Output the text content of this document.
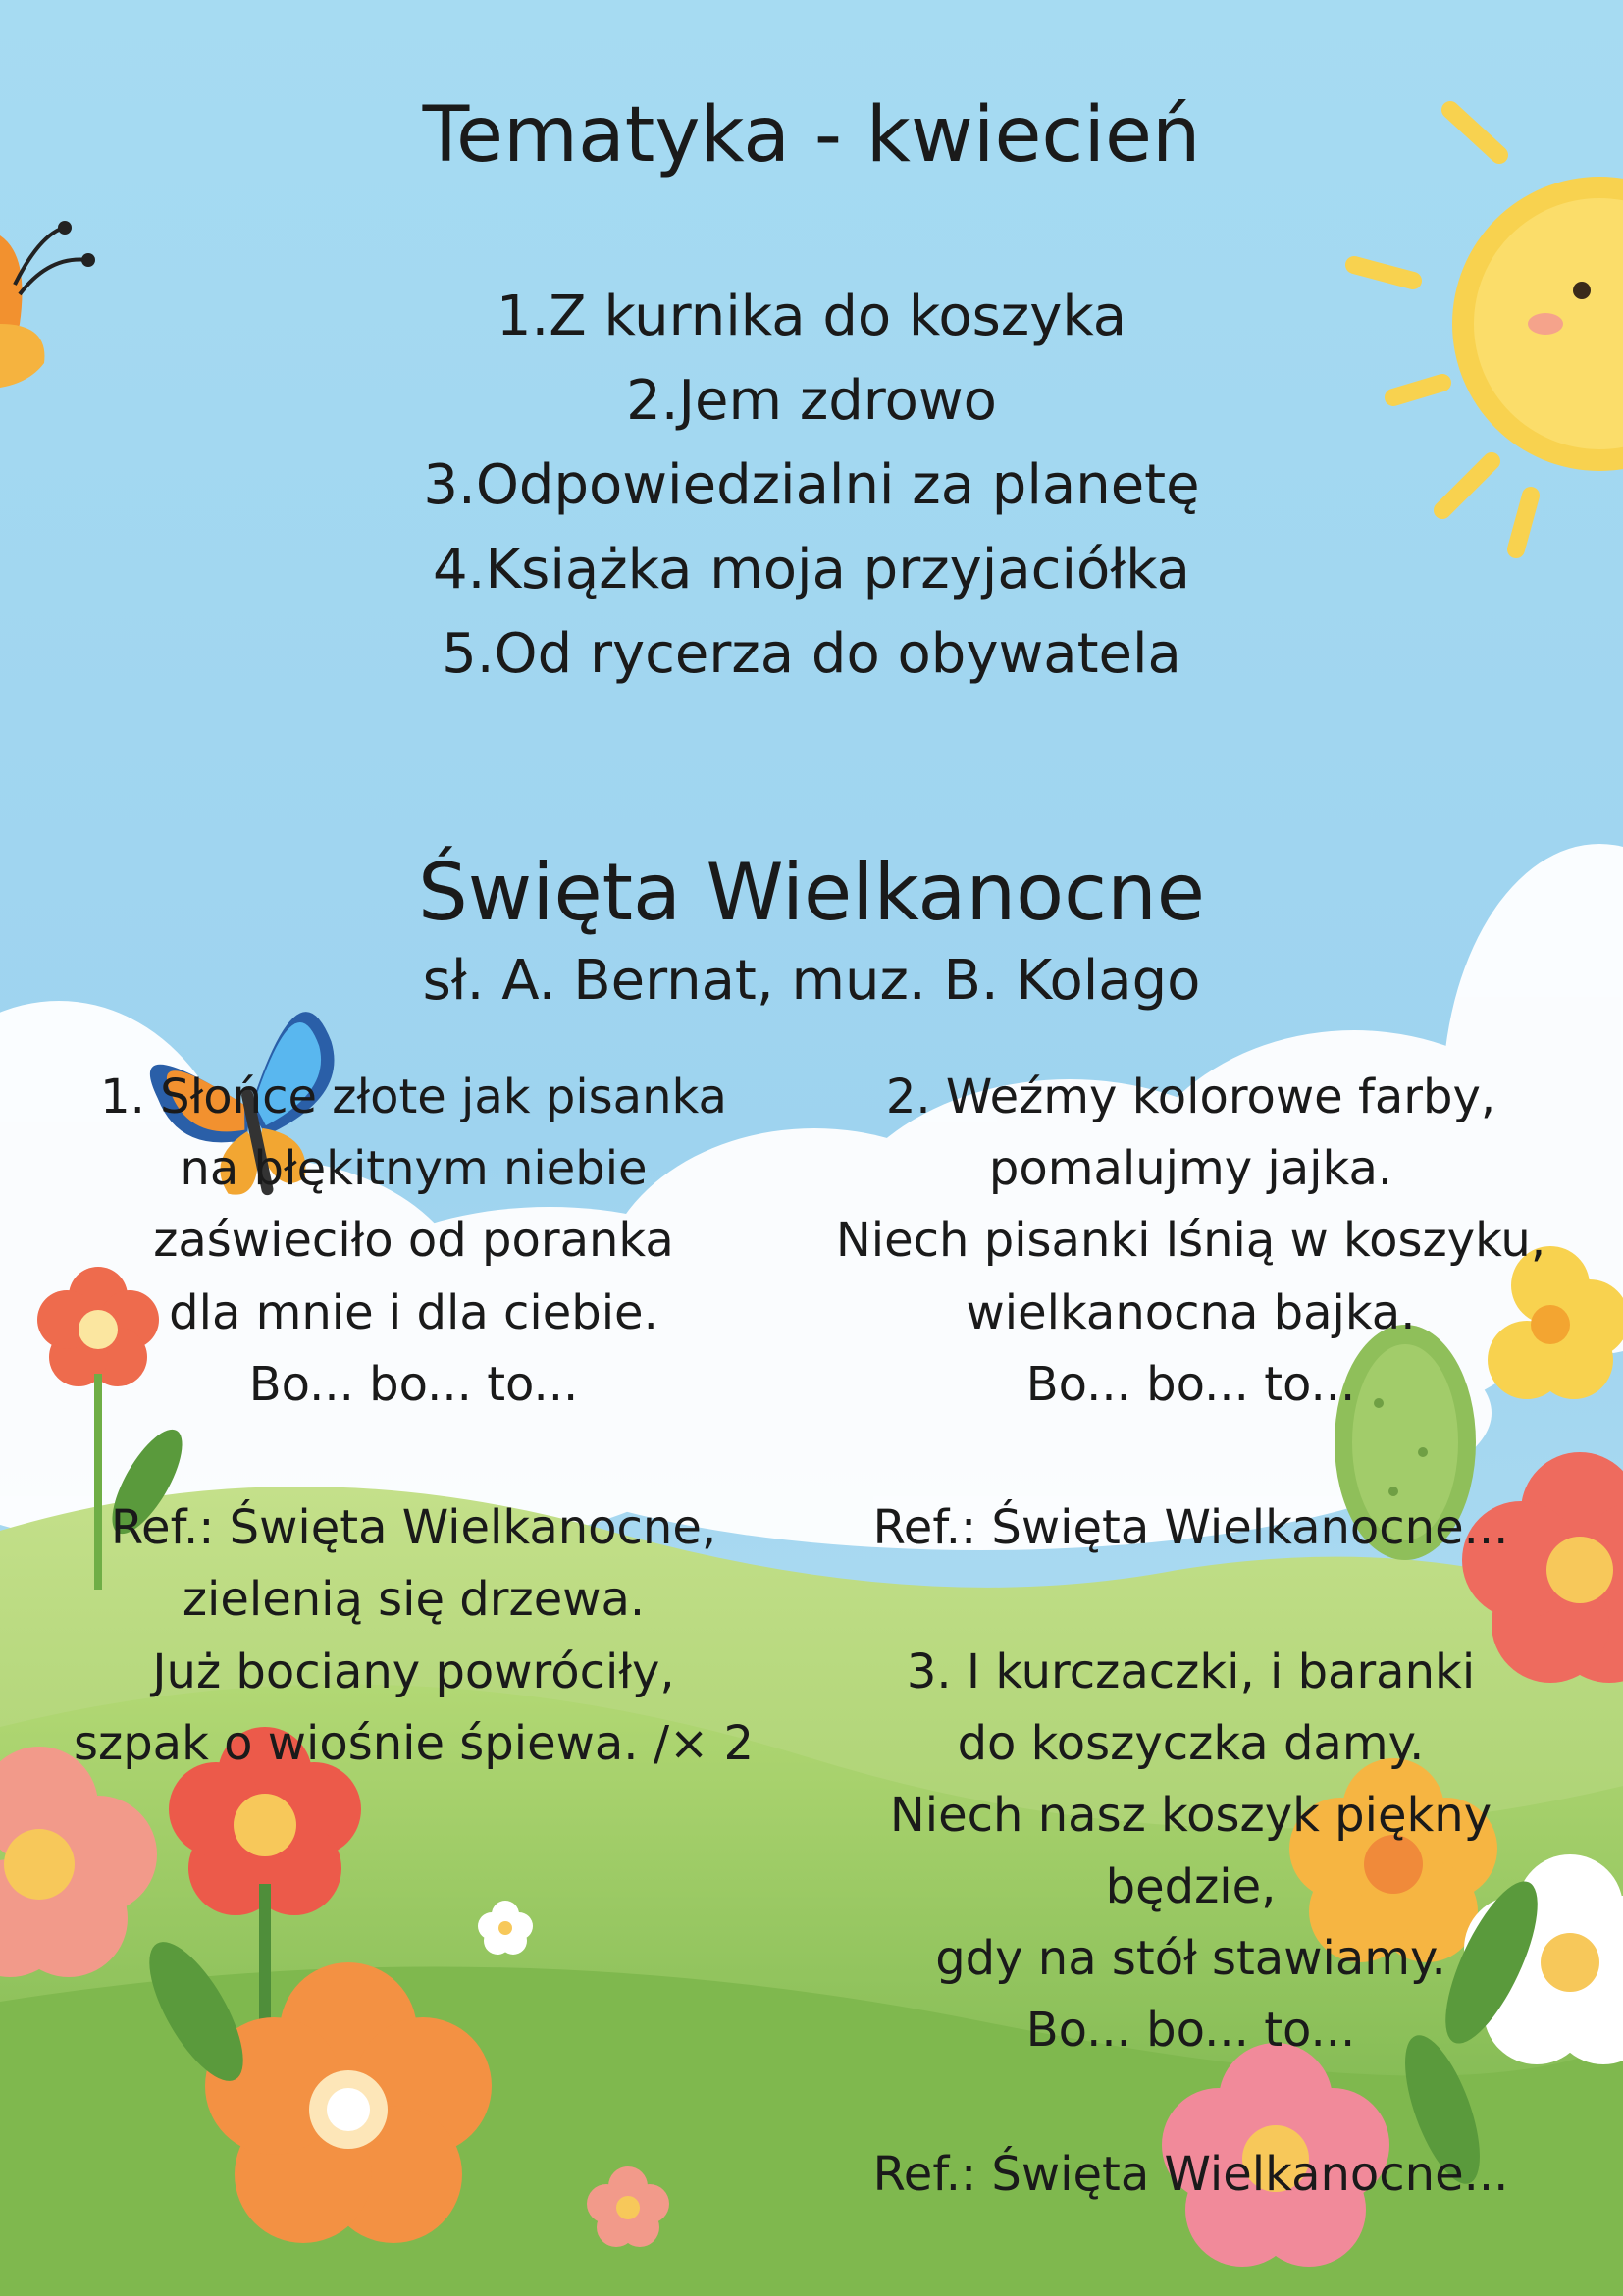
Tematyka - kwiecień
1.Z kurnika do koszyka
2.Jem zdrowo
3.Odpowiedzialni za planetę
4.Książka moja przyjaciółka
5.Od rycerza do obywatela
Święta Wielkanocne
sł. A. Bernat, muz. B. Kolago
1. Słońce złote jak pisanka
na błękitnym niebie
zaświeciło od poranka
dla mnie i dla ciebie.
Bo... bo... to...
Ref.: Święta Wielkanocne,
zielenią się drzewa.
Już bociany powróciły,
szpak o wiośnie śpiewa. /× 2
2. Weźmy kolorowe farby,
pomalujmy jajka.
Niech pisanki lśnią w koszyku,
wielkanocna bajka.
Bo... bo... to...
Ref.: Święta Wielkanocne...
3. I kurczaczki, i baranki
do koszyczka damy.
Niech nasz koszyk piękny
będzie,
gdy na stół stawiamy.
Bo... bo... to...
Ref.: Święta Wielkanocne...
